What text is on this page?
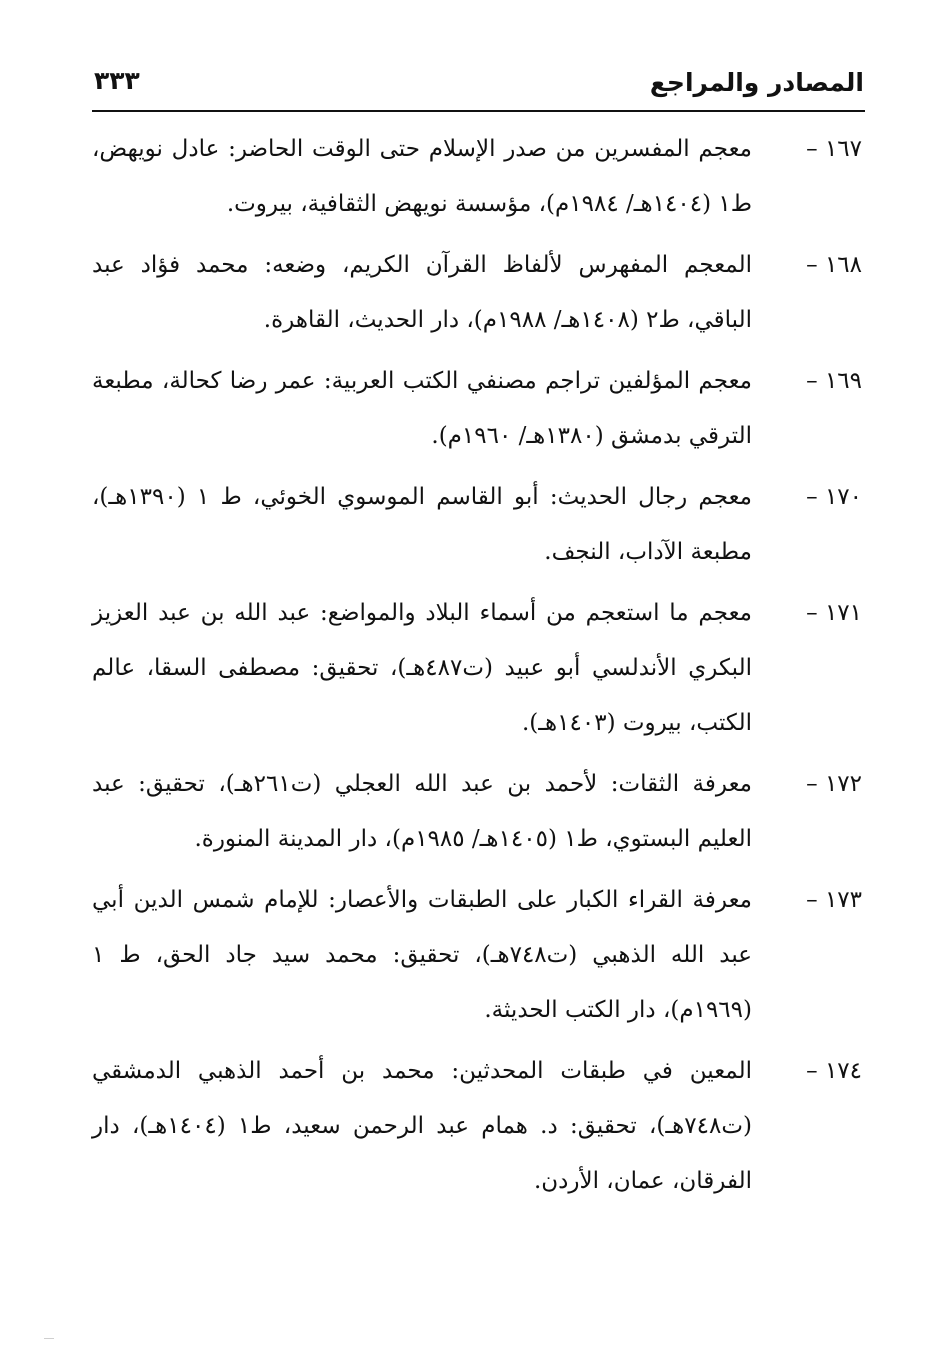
المصادر والمراجع
٣٣٣
١٦٧ –
معجم المفسرين من صدر الإسلام حتى الوقت الحاضر: عادل نويهض، ط١ (١٤٠٤هـ/ ١٩٨٤م)، مؤسسة نويهض الثقافية، بيروت.
١٦٨ –
المعجم المفهرس لألفاظ القرآن الكريم، وضعه: محمد فؤاد عبد الباقي، ط٢ (١٤٠٨هـ/ ١٩٨٨م)، دار الحديث، القاهرة.
١٦٩ –
معجم المؤلفين تراجم مصنفي الكتب العربية: عمر رضا كحالة، مطبعة الترقي بدمشق (١٣٨٠هـ/ ١٩٦٠م).
١٧٠ –
معجم رجال الحديث: أبو القاسم الموسوي الخوئي، ط ١ (١٣٩٠هـ)، مطبعة الآداب، النجف.
١٧١ –
معجم ما استعجم من أسماء البلاد والمواضع: عبد الله بن عبد العزيز البكري الأندلسي أبو عبيد (ت٤٨٧هـ)، تحقيق: مصطفى السقا، عالم الكتب، بيروت (١٤٠٣هـ).
١٧٢ –
معرفة الثقات: لأحمد بن عبد الله العجلي (ت٢٦١هـ)، تحقيق: عبد العليم البستوي، ط١ (١٤٠٥هـ/ ١٩٨٥م)، دار المدينة المنورة.
١٧٣ –
معرفة القراء الكبار على الطبقات والأعصار: للإمام شمس الدين أبي عبد الله الذهبي (ت٧٤٨هـ)، تحقيق: محمد سيد جاد الحق، ط ١ (١٩٦٩م)، دار الكتب الحديثة.
١٧٤ –
المعين في طبقات المحدثين: محمد بن أحمد الذهبي الدمشقي (ت٧٤٨هـ)، تحقيق: د. همام عبد الرحمن سعيد، ط١ (١٤٠٤هـ)، دار الفرقان، عمان، الأردن.
